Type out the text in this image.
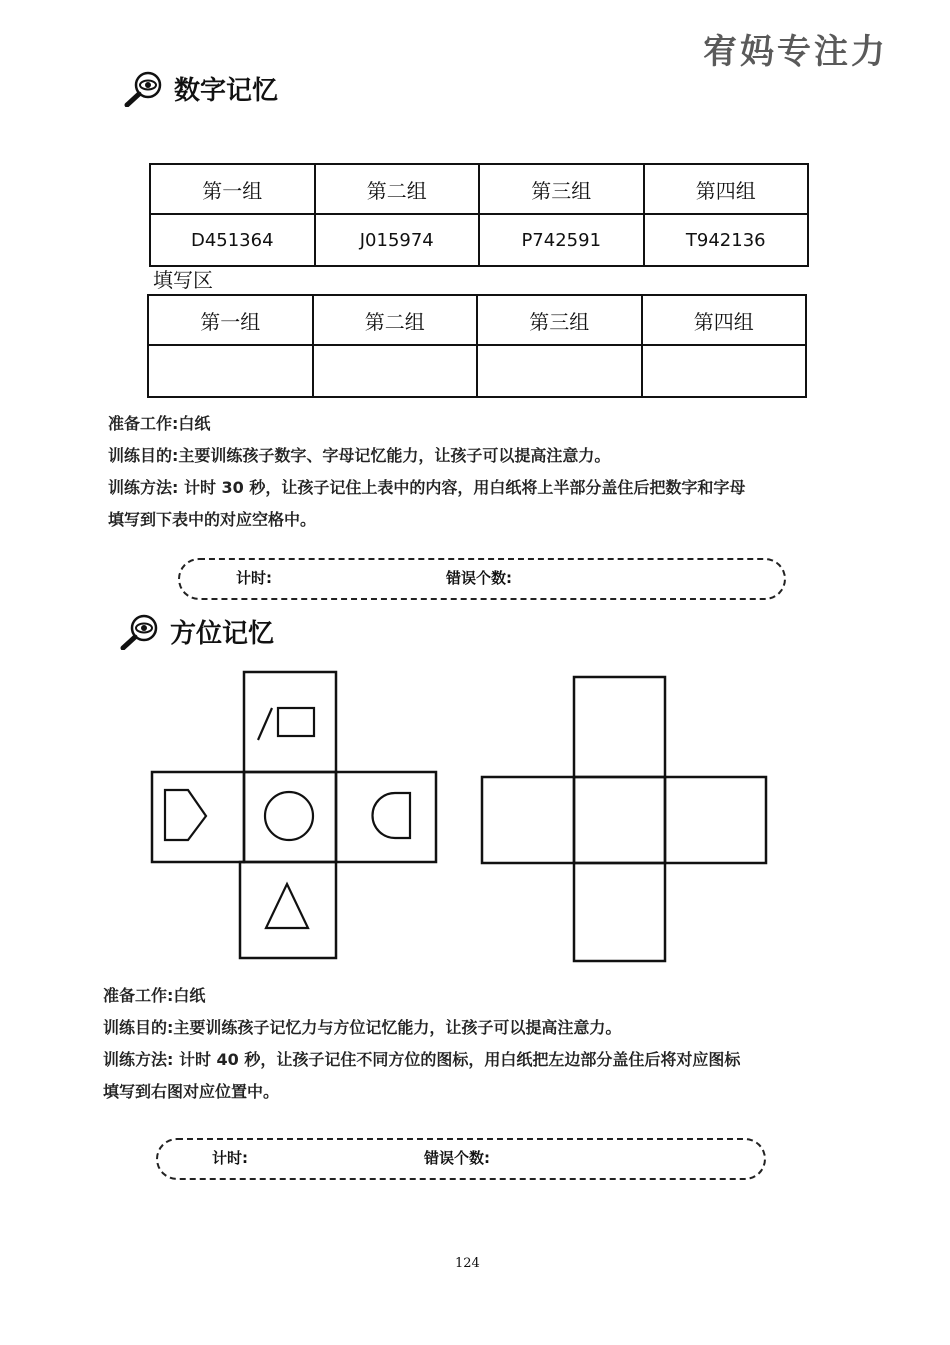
宥妈专注力
数字记忆
第一组	第二组	第三组	第四组
D451364	J015974	P742591	T942136
填写区
第一组	第二组	第三组	第四组

准备工作:白纸
训练目的:主要训练孩子数字、字母记忆能力，让孩子可以提高注意力。
训练方法: 计时 30 秒，让孩子记住上表中的内容，用白纸将上半部分盖住后把数字和字母
填写到下表中的对应空格中。
计时:	错误个数:
方位记忆
准备工作:白纸
训练目的:主要训练孩子记忆力与方位记忆能力，让孩子可以提高注意力。
训练方法: 计时 40 秒，让孩子记住不同方位的图标，用白纸把左边部分盖住后将对应图标
填写到右图对应位置中。
计时:	错误个数:
124
